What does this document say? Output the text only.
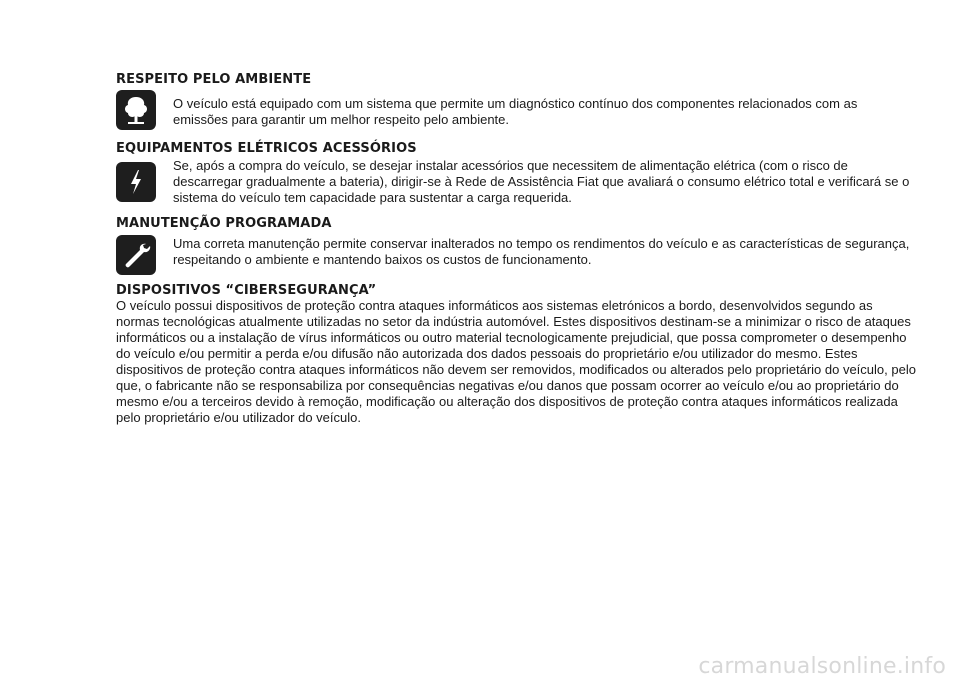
RESPEITO PELO AMBIENTE

O veículo está equipado com um sistema que permite um diagnóstico contínuo dos componentes relacionados com as emissões para garantir um melhor respeito pelo ambiente.

EQUIPAMENTOS ELÉTRICOS ACESSÓRIOS

Se, após a compra do veículo, se desejar instalar acessórios que necessitem de alimentação elétrica (com o risco de descarregar gradualmente a bateria), dirigir-se à Rede de Assistência Fiat que avaliará o consumo elétrico total e verificará se o sistema do veículo tem capacidade para sustentar a carga requerida.

MANUTENÇÃO PROGRAMADA

Uma correta manutenção permite conservar inalterados no tempo os rendimentos do veículo e as características de segurança, respeitando o ambiente e mantendo baixos os custos de funcionamento.

DISPOSITIVOS “CIBERSEGURANÇA”

O veículo possui dispositivos de proteção contra ataques informáticos aos sistemas eletrónicos a bordo, desenvolvidos segundo as normas tecnológicas atualmente utilizadas no setor da indústria automóvel. Estes dispositivos destinam-se a minimizar o risco de ataques informáticos ou a instalação de vírus informáticos ou outro material tecnologicamente prejudicial, que possa comprometer o desempenho do veículo e/ou permitir a perda e/ou difusão não autorizada dos dados pessoais do proprietário e/ou utilizador do mesmo. Estes dispositivos de proteção contra ataques informáticos não devem ser removidos, modificados ou alterados pelo proprietário do veículo, pelo que, o fabricante não se responsabiliza por consequências negativas e/ou danos que possam ocorrer ao veículo e/ou ao proprietário do mesmo e/ou a terceiros devido à remoção, modificação ou alteração dos dispositivos de proteção contra ataques informáticos realizada pelo proprietário e/ou utilizador do veículo.

carmanualsonline.info
